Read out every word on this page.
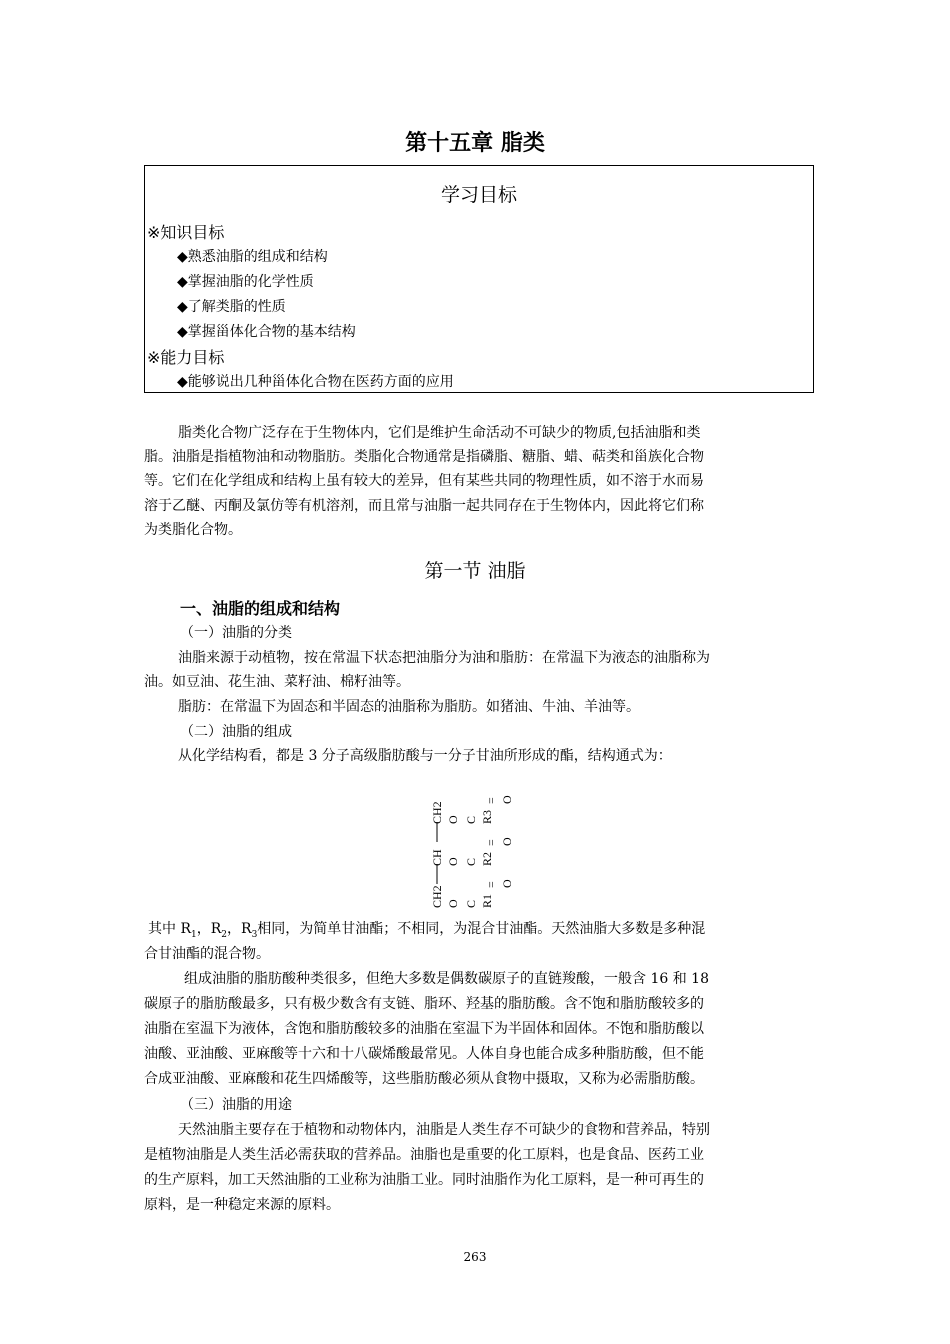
第十五章 脂类
学习目标
※知识目标
◆熟悉油脂的组成和结构
◆掌握油脂的化学性质
◆了解类脂的性质
◆掌握甾体化合物的基本结构
※能力目标
◆能够说出几种甾体化合物在医药方面的应用
脂类化合物广泛存在于生物体内，它们是维护生命活动不可缺少的物质,包括油脂和类
脂。油脂是指植物油和动物脂肪。类脂化合物通常是指磷脂、糖脂、蜡、萜类和甾族化合物
等。它们在化学组成和结构上虽有较大的差异，但有某些共同的物理性质，如不溶于水而易
溶于乙醚、丙酮及氯仿等有机溶剂，而且常与油脂一起共同存在于生物体内，因此将它们称
为类脂化合物。
第一节 油脂
一、油脂的组成和结构
（一）油脂的分类
油脂来源于动植物，按在常温下状态把油脂分为油和脂肪：在常温下为液态的油脂称为
油。如豆油、花生油、菜籽油、棉籽油等。
脂肪：在常温下为固态和半固态的油脂称为脂肪。如猪油、牛油、羊油等。
（二）油脂的组成
从化学结构看，都是 3 分子高级脂肪酸与一分子甘油所形成的酯，结构通式为：
CH2
CH
CH2
O
O
O
C
C
C
R1
R2
R3
=
=
=
O
O
O
其中 $R_1$，$R_2$，$R_3$相同，为简单甘油酯；不相同，为混合甘油酯。天然油脂大多数是多种混
合甘油酯的混合物。
组成油脂的脂肪酸种类很多，但绝大多数是偶数碳原子的直链羧酸，一般含 16 和 18
碳原子的脂肪酸最多，只有极少数含有支链、脂环、羟基的脂肪酸。含不饱和脂肪酸较多的
油脂在室温下为液体，含饱和脂肪酸较多的油脂在室温下为半固体和固体。不饱和脂肪酸以
油酸、亚油酸、亚麻酸等十六和十八碳烯酸最常见。人体自身也能合成多种脂肪酸，但不能
合成亚油酸、亚麻酸和花生四烯酸等，这些脂肪酸必须从食物中摄取，又称为必需脂肪酸。
（三）油脂的用途
天然油脂主要存在于植物和动物体内，油脂是人类生存不可缺少的食物和营养品，特别
是植物油脂是人类生活必需获取的营养品。油脂也是重要的化工原料，也是食品、医药工业
的生产原料，加工天然油脂的工业称为油脂工业。同时油脂作为化工原料，是一种可再生的
原料，是一种稳定来源的原料。
263
